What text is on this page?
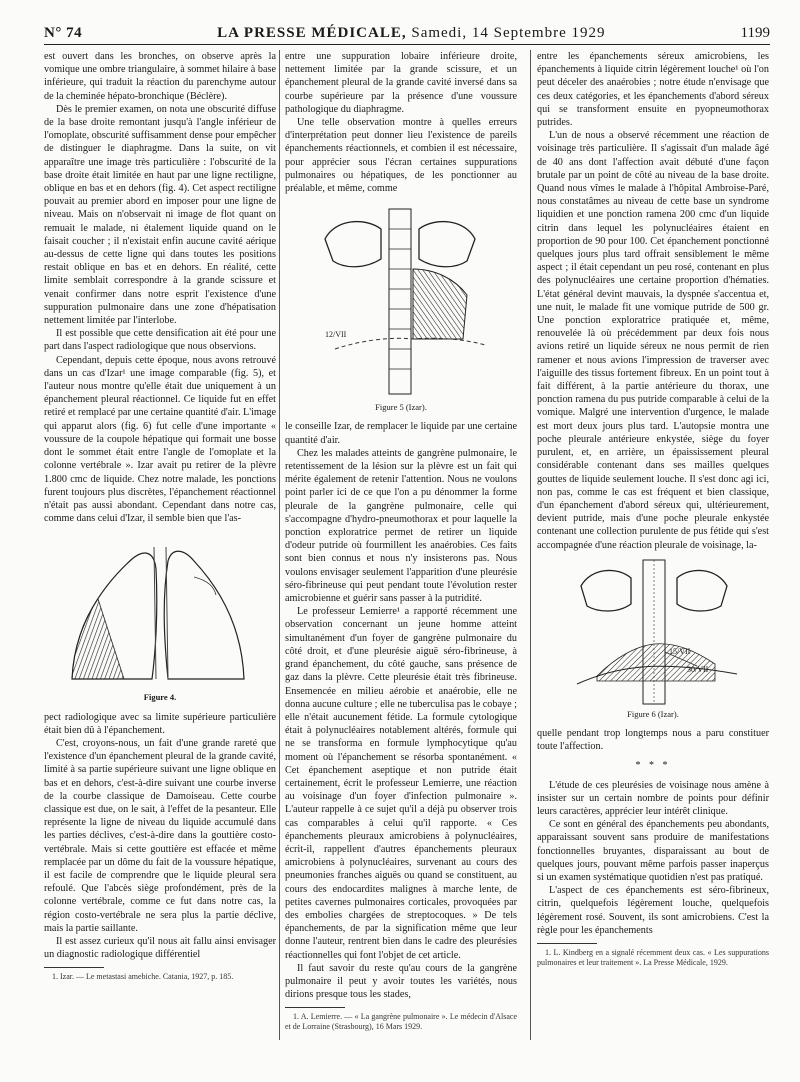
N° 74	LA PRESSE MÉDICALE, Samedi, 14 Septembre 1929	1199

est ouvert dans les bronches, on observe après la vomique une ombre triangulaire, à sommet hilaire à base inférieure, qui traduit la réaction du parenchyme autour de la cheminée hépato-bronchique (Béclère).

Dès le premier examen, on nota une obscurité diffuse de la base droite remontant jusqu'à l'angle inférieur de l'omoplate, obscurité suffisamment dense pour empêcher de distinguer le diaphragme. Dans la suite, on vit apparaître une image très particulière : l'obscurité de la base droite était limitée en haut par une ligne rectiligne, oblique en bas et en dehors (fig. 4). Cet aspect rectiligne pouvait au premier abord en imposer pour une ligne de niveau. Mais on n'observait ni image de flot quant on remuait le malade, ni étalement liquide quand on le faisait coucher ; il n'existait enfin aucune cavité aérique au-dessus de cette ligne qui dans toutes les positions restait oblique en bas et en dehors. En réalité, cette limite semblait correspondre à la grande scissure et venait confirmer dans notre esprit l'existence d'une suppuration pulmonaire dans une zone d'hépatisation nettement limitée par l'interlobe.

Il est possible que cette densification ait été pour une part dans l'aspect radiologique que nous observions.

Cependant, depuis cette époque, nous avons retrouvé dans un cas d'Izar¹ une image comparable (fig. 5), et l'auteur nous montre qu'elle était due uniquement à un épanchement pleural réactionnel. Ce liquide fut en effet retiré et remplacé par une certaine quantité d'air. L'image qui apparut alors (fig. 6) fut celle d'une importante « voussure de la coupole hépatique qui formait une bosse dont le sommet était entre l'angle de l'omoplate et la colonne vertébrale ». Izar avait pu retirer de la plèvre 1.800 cmc de liquide. Chez notre malade, les ponctions furent toujours plus discrètes, l'épanchement réactionnel n'était pas aussi abondant. Cependant dans notre cas, comme dans celui d'Izar, il semble bien que l'as-

Figure 4.

pect radiologique avec sa limite supérieure particulière était bien dû à l'épanchement.

C'est, croyons-nous, un fait d'une grande rareté que l'existence d'un épanchement pleural de la grande cavité, limité à sa partie supérieure suivant une ligne oblique en bas et en dehors, c'est-à-dire suivant une courbe inverse de la courbe classique de Damoiseau. Cette courbe classique est due, on le sait, à l'effet de la pesanteur. Elle représente la ligne de niveau du liquide accumulé dans les parties déclives, c'est-à-dire dans la gouttière costo-vertébrale. Mais si cette gouttière est effacée et même remplacée par un dôme du fait de la voussure hépatique, il est facile de comprendre que le liquide pleural sera refoulé. Que l'abcès siège profondément, près de la colonne vertébrale, comme ce fut dans notre cas, la région costo-vertébrale ne sera plus la partie déclive, mais la partie saillante.

Il est assez curieux qu'il nous ait fallu ainsi envisager un diagnostic radiologique différentiel

1. Izar. — Le metastasi amebiche. Catania, 1927, p. 185.

entre une suppuration lobaire inférieure droite, nettement limitée par la grande scissure, et un épanchement pleural de la grande cavité inversé dans sa courbe supérieure par la présence d'une voussure pathologique du diaphragme.

Une telle observation montre à quelles erreurs d'interprétation peut donner lieu l'existence de pareils épanchements réactionnels, et combien il est nécessaire, pour apprécier sous l'écran certaines suppurations pulmonaires ou hépatiques, de les ponctionner au préalable, et même, comme

12/VII
Figure 5 (Izar).

le conseille Izar, de remplacer le liquide par une certaine quantité d'air.

Chez les malades atteints de gangrène pulmonaire, le retentissement de la lésion sur la plèvre est un fait qui mérite également de retenir l'attention. Nous ne voulons point parler ici de ce que l'on a pu dénommer la forme pleurale de la gangrène pulmonaire, celle qui s'accompagne d'hydro-pneumothorax et pour laquelle la ponction exploratrice permet de retirer un liquide d'odeur putride où fourmillent les anaérobies. Ces faits sont bien connus et nous n'y insisterons pas. Nous voulons envisager seulement l'apparition d'une pleurésie séro-fibrineuse qui peut pendant toute l'évolution rester amicrobienne et guérir sans passer à la putridité.

Le professeur Lemierre¹ a rapporté récemment une observation concernant un jeune homme atteint simultanément d'un foyer de gangrène pulmonaire du côté droit, et d'une pleurésie aiguë séro-fibrineuse, à grand épanchement, du côté gauche, sans présence de gaz dans la plèvre. Cette pleurésie était très fibrineuse. Ensemencée en milieu aérobie et anaérobie, elle ne donna aucune culture ; elle ne tuberculisa pas le cobaye ; elle n'était aucunement fétide. La formule cytologique était à polynucléaires notablement altérés, formule qui ne se transforma en formule lymphocytique qu'au moment où l'épanchement se résorba spontanément. « Cet épanchement aseptique et non putride était certainement, écrit le professeur Lemierre, une réaction au voisinage d'un foyer d'infection pulmonaire ». L'auteur rappelle à ce sujet qu'il a déjà pu observer trois cas comparables à celui qu'il rapporte. « Ces épanchements pleuraux amicrobiens à polynucléaires, écrit-il, rappellent d'autres épanchements pleuraux amicrobiens à polynucléaires, survenant au cours des pneumonies franches aiguës ou quand se constituent, au cours des endocardites malignes à marche lente, de petites cavernes pulmonaires corticales, provoquées par des embolies chargées de streptocoques. » De tels épanchements, de par la signification même que leur donne l'auteur, rentrent bien dans le cadre des pleurésies réactionnelles qui font l'objet de cet article.

Il faut savoir du reste qu'au cours de la gangrène pulmonaire il peut y avoir toutes les variétés, nous dirions presque tous les stades,

1. A. Lemierre. — « La gangrène pulmonaire ». Le médecin d'Alsace et de Lorraine (Strasbourg), 16 Mars 1929.

entre les épanchements séreux amicrobiens, les épanchements à liquide citrin légèrement louche¹ où l'on peut déceler des anaérobies ; notre étude n'envisage que ces deux catégories, et les épanchements d'abord séreux qui se transforment ensuite en pyopneumothorax putrides.

L'un de nous a observé récemment une réaction de voisinage très particulière. Il s'agissait d'un malade âgé de 40 ans dont l'affection avait débuté d'une façon brutale par un point de côté au niveau de la base droite. Quand nous vîmes le malade à l'hôpital Ambroise-Paré, nous constatâmes au niveau de cette base un syndrome liquidien et une ponction ramena 200 cmc d'un liquide citrin dans lequel les polynucléaires étaient en proportion de 90 pour 100. Cet épanchement ponctionné quelques jours plus tard offrait sensiblement le même aspect ; il était cependant un peu rosé, contenant en plus des polynucléaires une certaine proportion d'hématies. L'état général devint mauvais, la dyspnée s'accentua et, une nuit, le malade fit une vomique putride de 500 gr. Une ponction exploratrice pratiquée et, même, renouvelée là où précédemment par deux fois nous avions retiré un liquide séreux ne nous permit de rien ramener et nous avions l'impression de traverser avec l'aiguille des tissus fortement fibreux. En un point tout à fait différent, à la partie antérieure du thorax, une ponction ramena du pus putride comparable à celui de la vomique. Malgré une intervention d'urgence, le malade est mort deux jours plus tard. L'autopsie montra une poche pleurale antérieure enkystée, siège du foyer purulent, et, en arrière, un épaississement pleural considérable contenant dans ses mailles quelques gouttes de liquide seulement louche. Il s'est donc agi ici, non pas, comme le cas est fréquent et bien classique, d'un épanchement d'abord séreux qui, ultérieurement, devient putride, mais d'une poche pleurale enkystée contenant une collection purulente de pus fétide qui s'est accompagnée d'une réaction pleurale de voisinage, la-

15/VII
30/VII
Figure 6 (Izar).

quelle pendant trop longtemps nous a paru constituer toute l'affection.

* * *

L'étude de ces pleurésies de voisinage nous amène à insister sur un certain nombre de points pour définir leurs caractères, apprécier leur intérêt clinique.

Ce sont en général des épanchements peu abondants, apparaissant souvent sans produire de manifestations fonctionnelles bruyantes, disparaissant au bout de quelques jours, pouvant même parfois passer inaperçus si un examen systématique quotidien n'est pas pratiqué.

L'aspect de ces épanchements est séro-fibrineux, citrin, quelquefois légèrement louche, quelquefois légèrement rosé. Souvent, ils sont amicrobiens. C'est la règle pour les épanchements

1. L. Kindberg en a signalé récemment deux cas. « Les suppurations pulmonaires et leur traitement ». La Presse Médicale, 1929.
